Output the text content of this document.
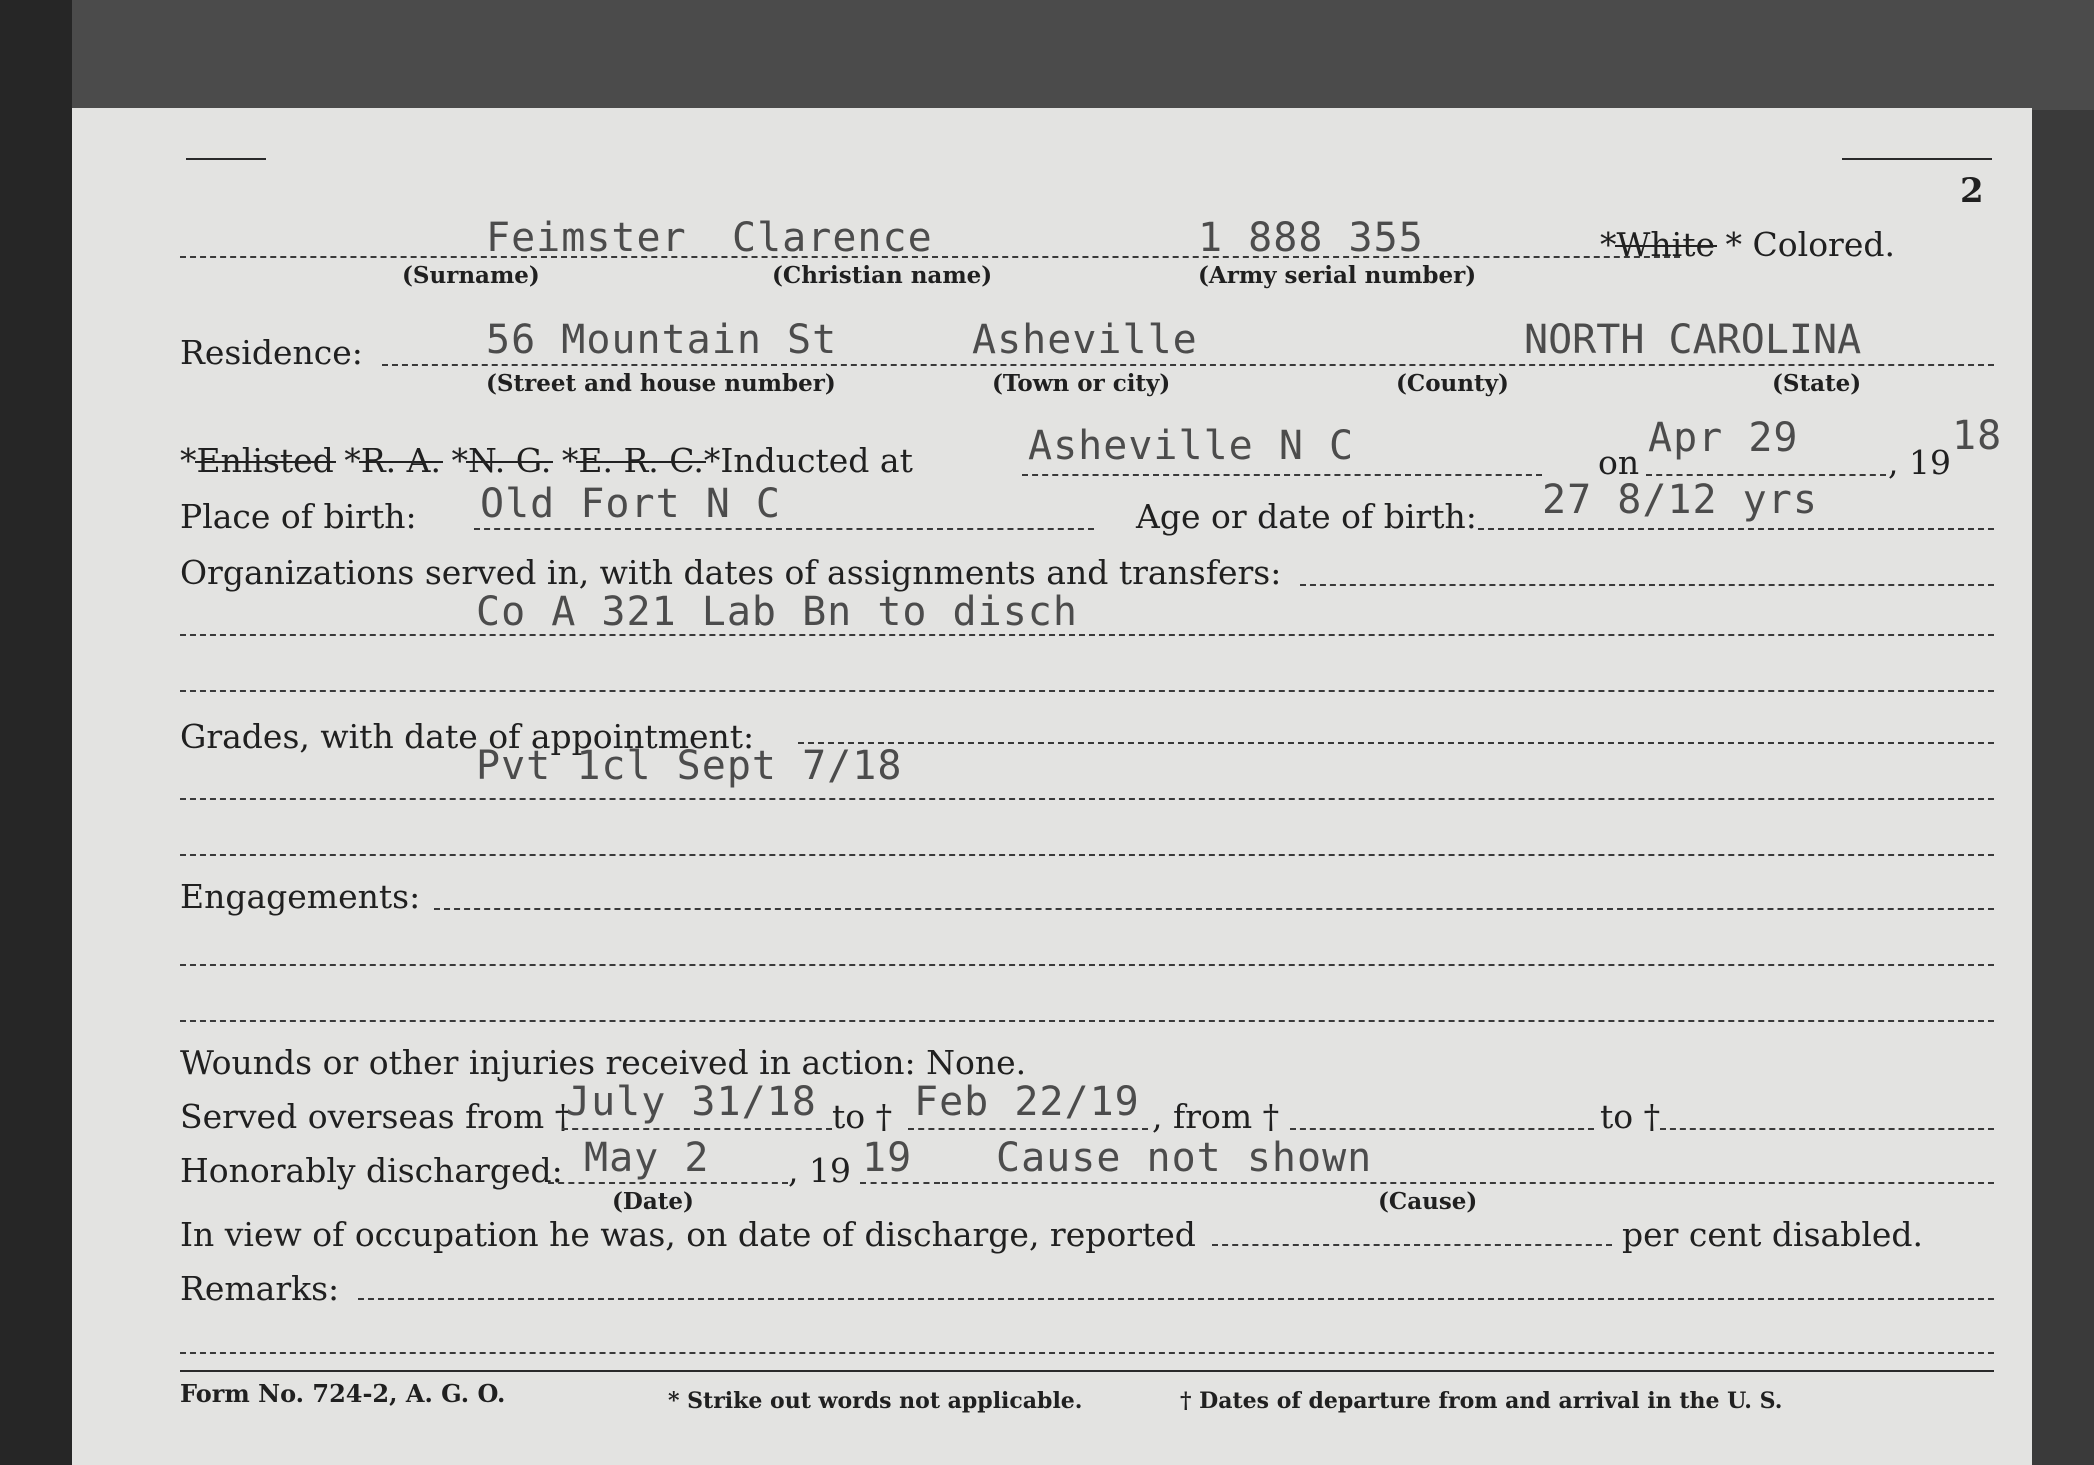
2
Feimster Clarence	1 888 355	*White * Colored.
(Surname)	(Christian name)	(Army serial number)
Residence:	56 Mountain St	Asheville	NORTH CAROLINA
(Street and house number)	(Town or city)	(County)	(State)
*Enlisted *R. A. *N. G. *E. R. C.*Inducted at	Asheville N C	on
Apr 29
, 19
18
Place of birth: Old Fort N C	Age or date of birth: 27 8/12 yrs
Organizations served in, with dates of assignments and transfers:
Co A 321 Lab Bn to disch
Grades, with date of appointment:
Pvt 1cl Sept 7/18
Engagements:
Wounds or other injuries received in action: None.
Served overseas from †
July 31/18 to † Feb 22/19 , from †	to †
Honorably discharged: May 2 , 19 19 Cause not shown
(Date)	(Cause)
In view of occupation he was, on date of discharge, reported	per cent disabled.
Remarks:
Form No. 724-2, A. G. O.	* Strike out words not applicable.	† Dates of departure from and arrival in the U. S.
